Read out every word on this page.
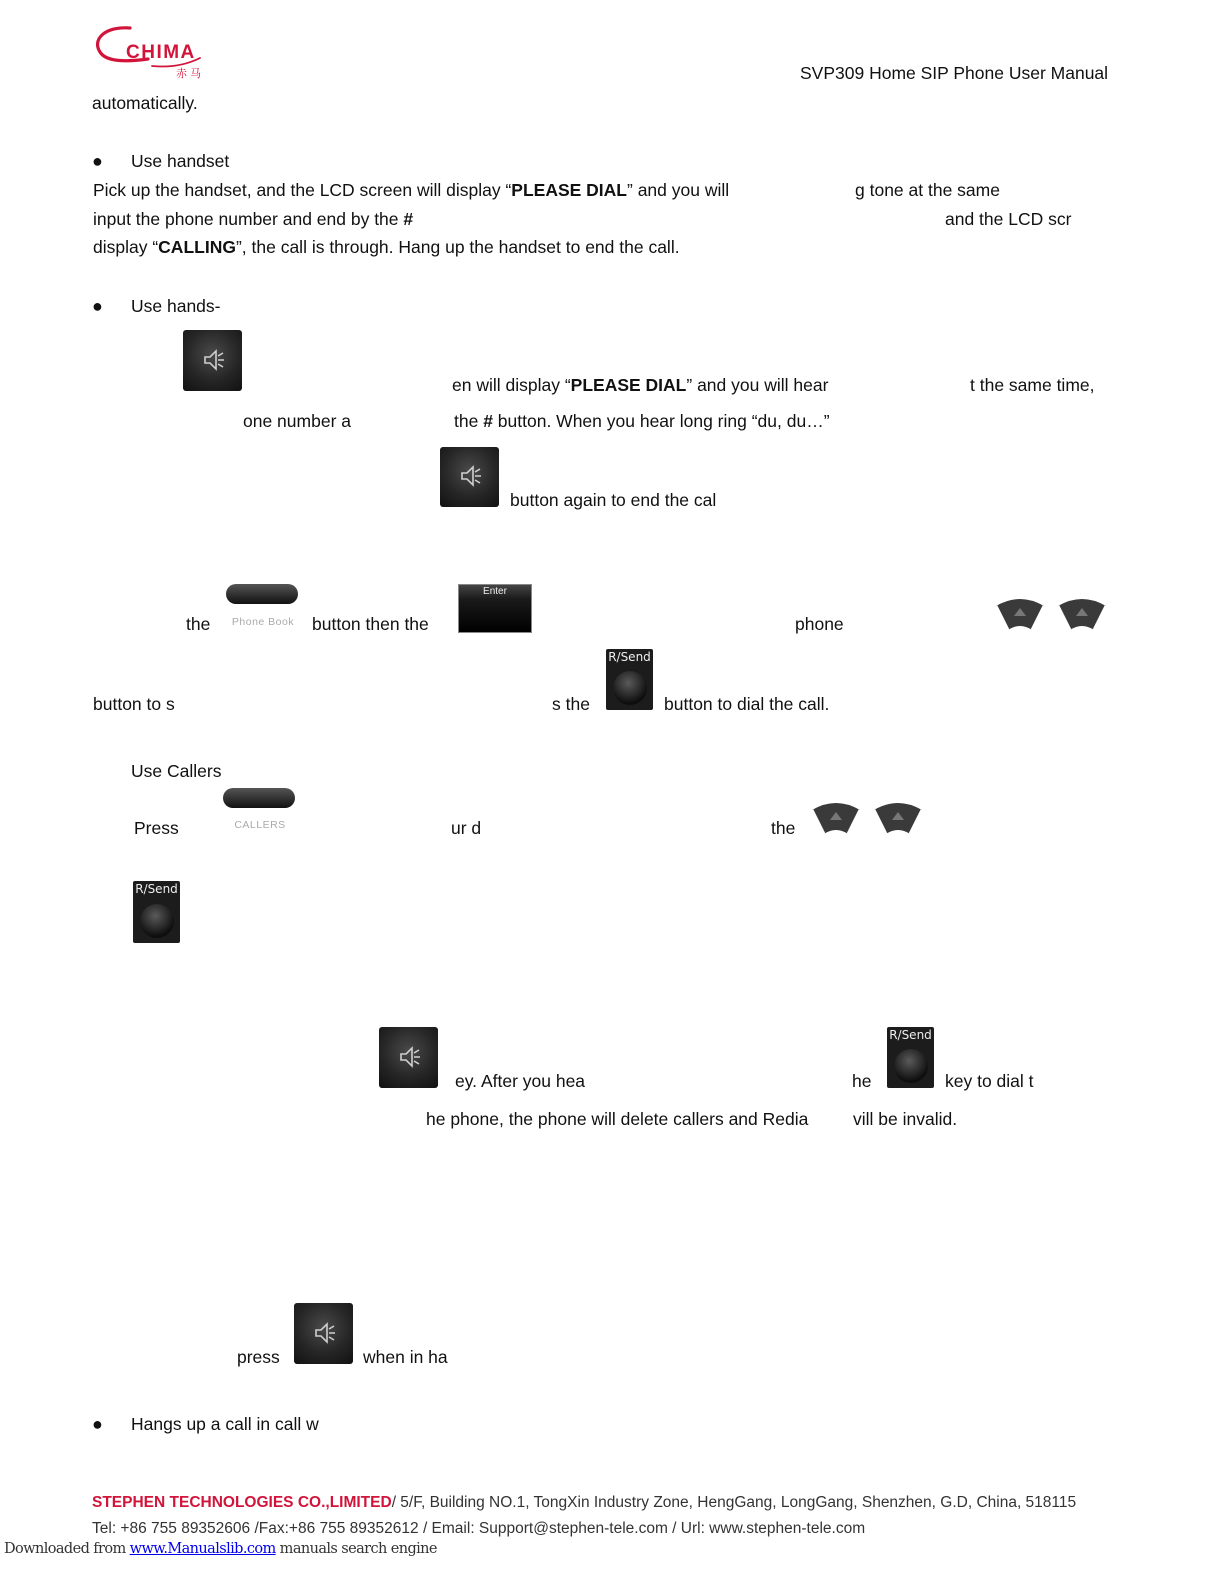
CHIMA
赤马	SVP309 Home SIP Phone User Manual
automatically.
● Use handset
Pick up the handset, and the LCD screen will display “PLEASE DIAL” and you will	g tone at the same
input the phone number and end by the #	and the LCD scr
display “CALLING”, the call is through. Hang up the handset to end the call.
● Use hands-
en will display “PLEASE DIAL” and you will hear	t the same time,
one number a	the # button. When you hear long ring “du, du…”
button again to end the cal
the	Phone Book	button then the
Enter
phone
button to s	s the
R/Send
button to dial the call.
Use Callers
Press	CALLERS	ur d	the
R/Send
ey. After you hea	he
R/Send
key to dial t
he phone, the phone will delete callers and Redia	vill be invalid.
press	when in ha
● Hangs up a call in call w
STEPHEN TECHNOLOGIES CO.,LIMITED/ 5/F, Building NO.1, TongXin Industry Zone, HengGang, LongGang, Shenzhen, G.D, China, 518115
Tel: +86 755 89352606 /Fax:+86 755 89352612 / Email: Support@stephen-tele.com / Url: www.stephen-tele.com
Downloaded from www.Manualslib.com manuals search engine
